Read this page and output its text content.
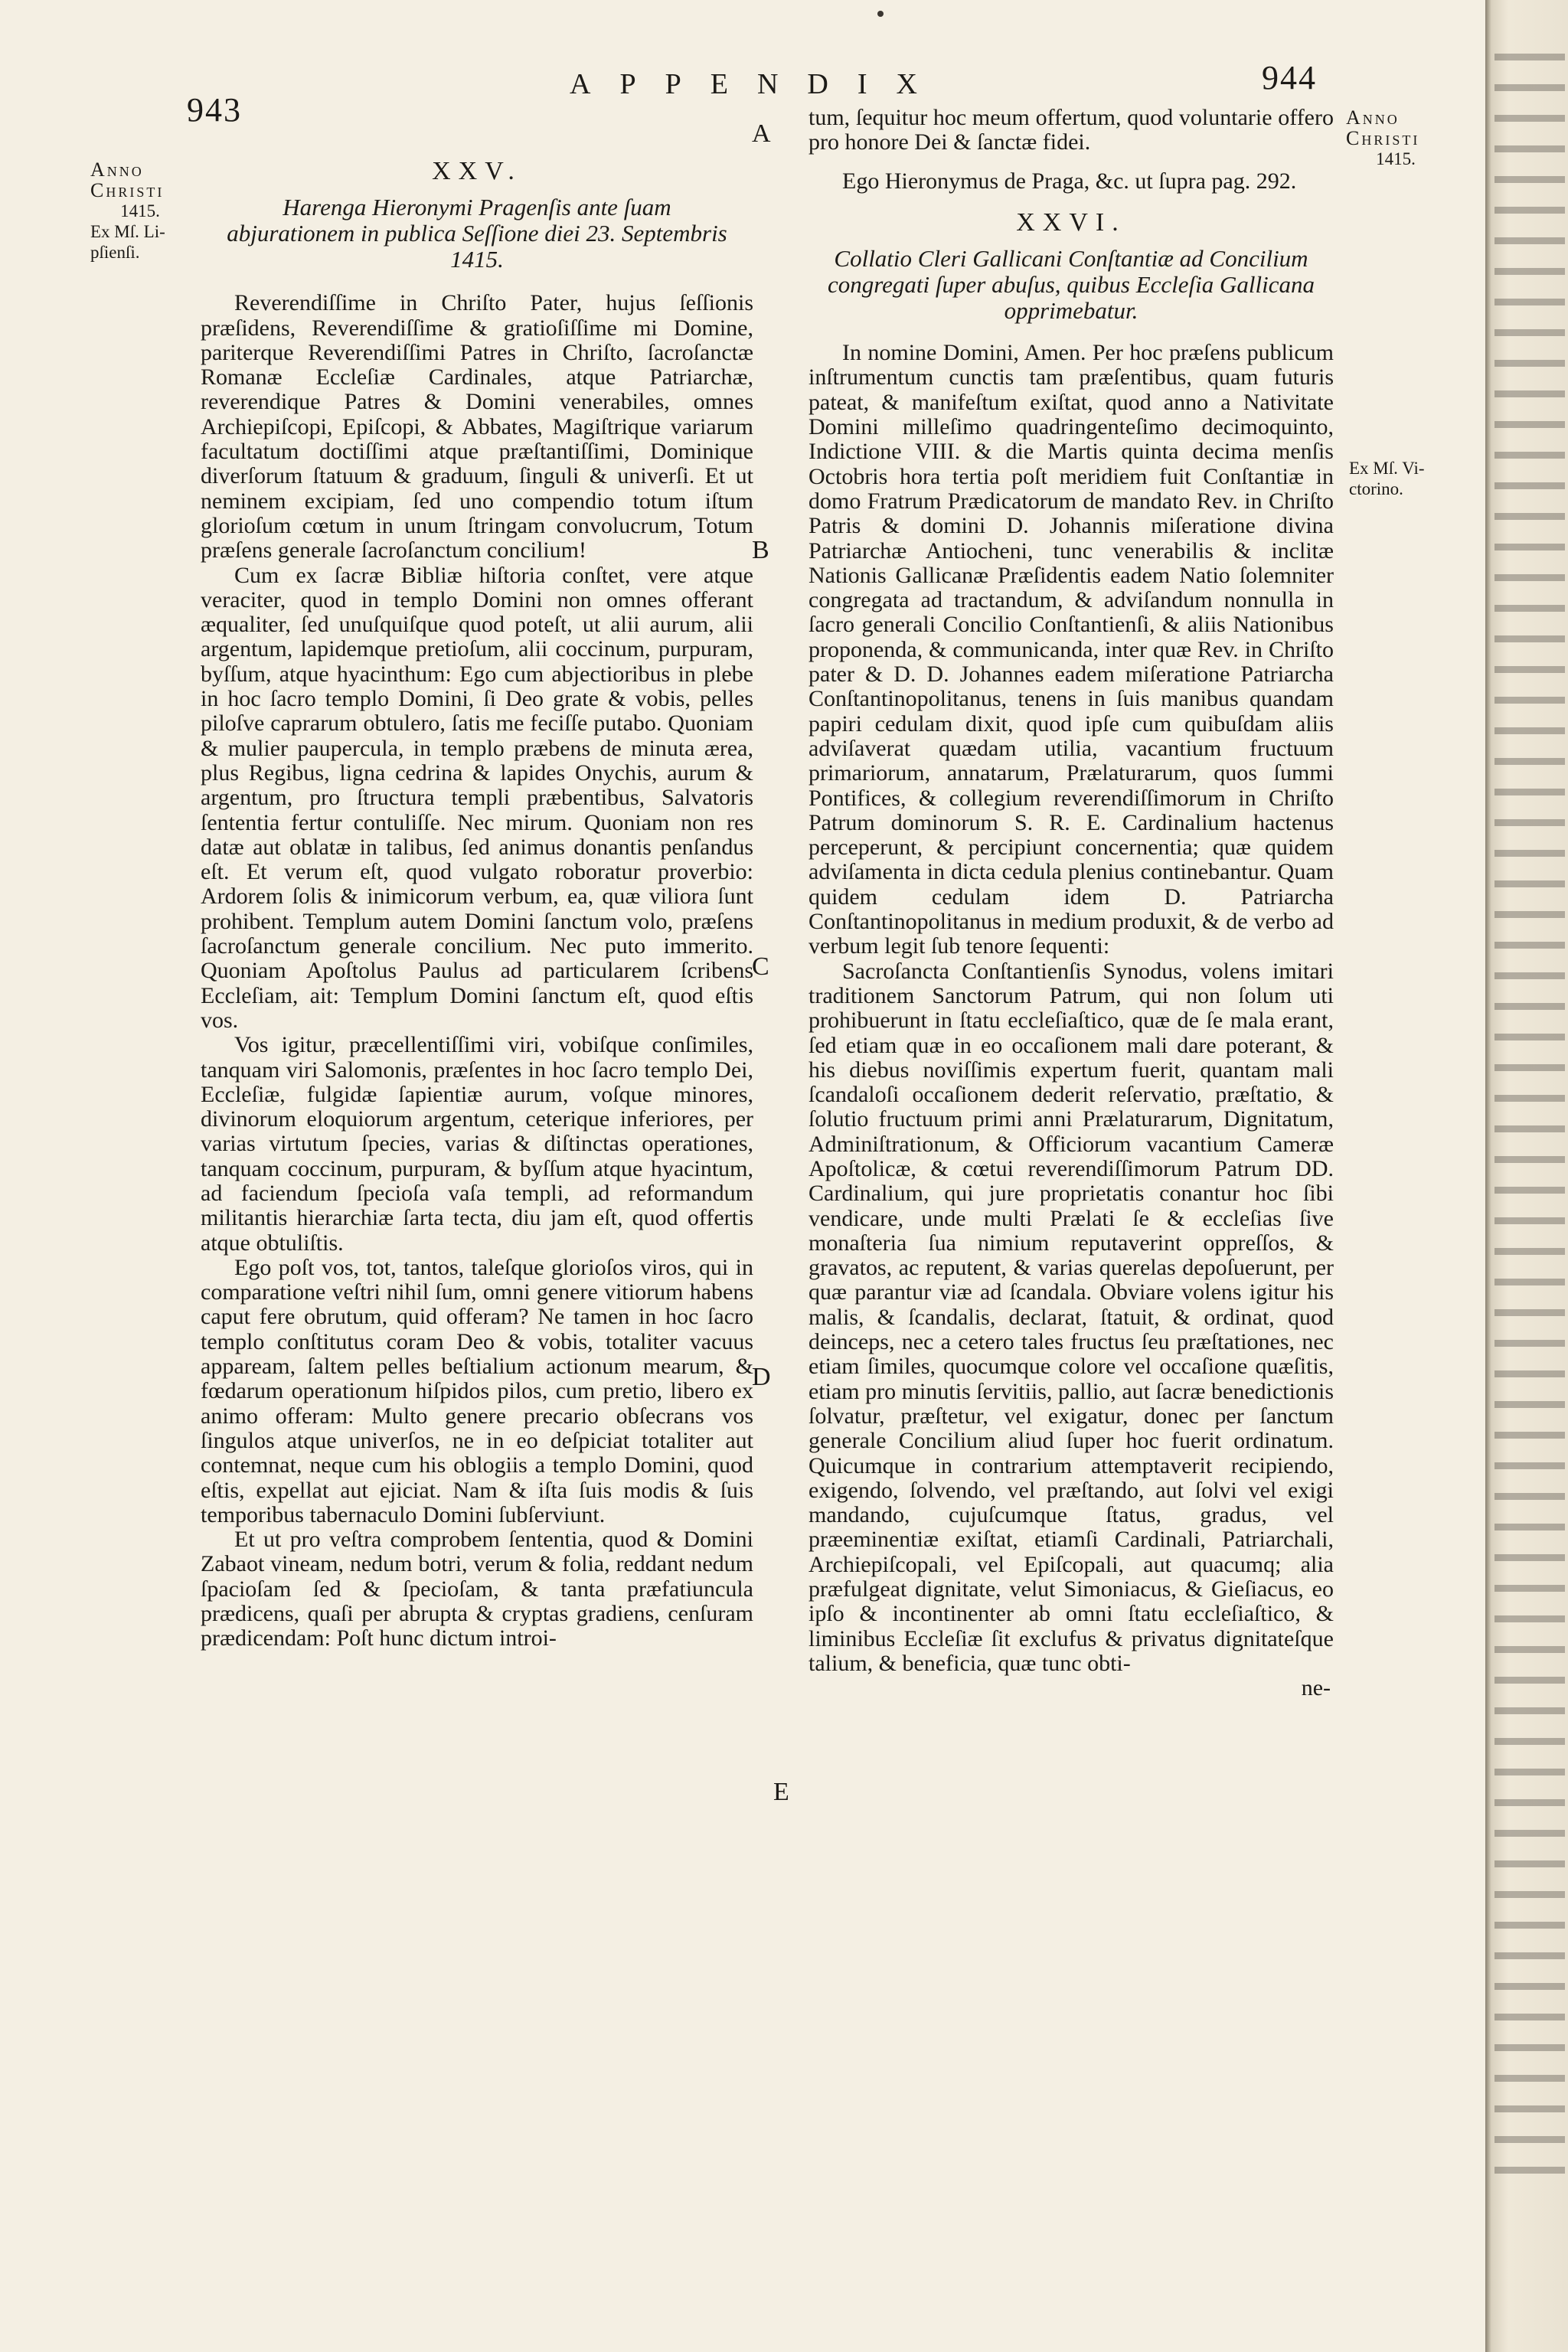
943
APPENDIX	944
Anno
Christi
1415.
Ex Mſ. Li-pſienſi.
Anno
Christi
1415.
Ex Mſ. Vi-ctorino.
A
B
C
D
E
XXV.
Harenga Hieronymi Pragenſis ante ſuam abjurationem in publica Seſſione diei 23. Septembris 1415.

Reverendiſſime in Chriſto Pater, hujus ſeſſionis præſidens, Reverendiſſime & gratioſiſſime mi Domine, pariterque Reverendiſſimi Patres in Chriſto, ſacroſanctæ Romanæ Eccleſiæ Cardinales, atque Patriarchæ, reverendique Patres & Domini venerabiles, omnes Archiepiſcopi, Epiſcopi, & Abbates, Magiſtrique variarum facultatum doctiſſimi atque præſtantiſſimi, Dominique diverſorum ſtatuum & graduum, ſinguli & univerſi. Et ut neminem excipiam, ſed uno compendio totum iſtum glorioſum cœtum in unum ſtringam convolucrum, Totum præſens generale ſacroſanctum concilium!

Cum ex ſacræ Bibliæ hiſtoria conſtet, vere atque veraciter, quod in templo Domini non omnes offerant æqualiter, ſed unuſquiſque quod poteſt, ut alii aurum, alii argentum, lapidemque pretioſum, alii coccinum, purpuram, byſſum, atque hyacinthum: Ego cum abjectioribus in plebe in hoc ſacro templo Domini, ſi Deo grate & vobis, pelles piloſve caprarum obtulero, ſatis me feciſſe putabo. Quoniam & mulier paupercula, in templo præbens de minuta ærea, plus Regibus, ligna cedrina & lapides Onychis, aurum & argentum, pro ſtructura templi præbentibus, Salvatoris ſententia fertur contuliſſe. Nec mirum. Quoniam non res datæ aut oblatæ in talibus, ſed animus donantis penſandus eſt. Et verum eſt, quod vulgato roboratur proverbio: Ardorem ſolis & inimicorum verbum, ea, quæ viliora ſunt prohibent. Templum autem Domini ſanctum volo, præſens ſacroſanctum generale concilium. Nec puto immerito. Quoniam Apoſtolus Paulus ad particularem ſcribens Eccleſiam, ait: Templum Domini ſanctum eſt, quod eſtis vos.

Vos igitur, præcellentiſſimi viri, vobiſque conſimiles, tanquam viri Salomonis, præſentes in hoc ſacro templo Dei, Eccleſiæ, fulgidæ ſapientiæ aurum, voſque minores, divinorum eloquiorum argentum, ceterique inferiores, per varias virtutum ſpecies, varias & diſtinctas operationes, tanquam coccinum, purpuram, & byſſum atque hyacintum, ad faciendum ſpecioſa vaſa templi, ad reformandum militantis hierarchiæ ſarta tecta, diu jam eſt, quod offertis atque obtuliſtis.

Ego poſt vos, tot, tantos, taleſque glorioſos viros, qui in comparatione veſtri nihil ſum, omni genere vitiorum habens caput fere obrutum, quid offeram? Ne tamen in hoc ſacro templo conſtitutus coram Deo & vobis, totaliter vacuus appaream, ſaltem pelles beſtialium actionum mearum, & fœdarum operationum hiſpidos pilos, cum pretio, libero ex animo offeram: Multo genere precario obſecrans vos ſingulos atque univerſos, ne in eo deſpiciat totaliter aut contemnat, neque cum his oblogiis a templo Domini, quod eſtis, expellat aut ejiciat. Nam & iſta ſuis modis & ſuis temporibus tabernaculo Domini ſubſerviunt.

Et ut pro veſtra comprobem ſententia, quod & Domini Zabaot vineam, nedum botri, verum & folia, reddant nedum ſpacioſam ſed & ſpecioſam, & tanta præfatiuncula prædicens, quaſi per abrupta & cryptas gradiens, cenſuram prædicendam: Poſt hunc dictum introi-

tum, ſequitur hoc meum offertum, quod voluntarie offero pro honore Dei & ſanctæ fidei.

Ego Hieronymus de Praga, &c. ut ſupra pag. 292.

XXVI.
Collatio Cleri Gallicani Conſtantiæ ad Concilium congregati ſuper abuſus, quibus Eccleſia Gallicana opprimebatur.

In nomine Domini, Amen. Per hoc præſens publicum inſtrumentum cunctis tam præſentibus, quam futuris pateat, & manifeſtum exiſtat, quod anno a Nativitate Domini milleſimo quadringenteſimo decimoquinto, Indictione VIII. & die Martis quinta decima menſis Octobris hora tertia poſt meridiem fuit Conſtantiæ in domo Fratrum Prædicatorum de mandato Rev. in Chriſto Patris & domini D. Johannis miſeratione divina Patriarchæ Antiocheni, tunc venerabilis & inclitæ Nationis Gallicanæ Præſidentis eadem Natio ſolemniter congregata ad tractandum, & adviſandum nonnulla in ſacro generali Concilio Conſtantienſi, & aliis Nationibus proponenda, & communicanda, inter quæ Rev. in Chriſto pater & D. D. Johannes eadem miſeratione Patriarcha Conſtantinopolitanus, tenens in ſuis manibus quandam papiri cedulam dixit, quod ipſe cum quibuſdam aliis adviſaverat quædam utilia, vacantium fructuum primariorum, annatarum, Prælaturarum, quos ſummi Pontifices, & collegium reverendiſſimorum in Chriſto Patrum dominorum S. R. E. Cardinalium hactenus perceperunt, & percipiunt concernentia; quæ quidem adviſamenta in dicta cedula plenius continebantur. Quam quidem cedulam idem D. Patriarcha Conſtantinopolitanus in medium produxit, & de verbo ad verbum legit ſub tenore ſequenti:

Sacroſancta Conſtantienſis Synodus, volens imitari traditionem Sanctorum Patrum, qui non ſolum uti prohibuerunt in ſtatu eccleſiaſtico, quæ de ſe mala erant, ſed etiam quæ in eo occaſionem mali dare poterant, & his diebus noviſſimis expertum fuerit, quantam mali ſcandaloſi occaſionem dederit reſervatio, præſtatio, & ſolutio fructuum primi anni Prælaturarum, Dignitatum, Adminiſtrationum, & Officiorum vacantium Cameræ Apoſtolicæ, & cœtui reverendiſſimorum Patrum DD. Cardinalium, qui jure proprietatis conantur hoc ſibi vendicare, unde multi Prælati ſe & eccleſias ſive monaſteria ſua nimium reputaverint oppreſſos, & gravatos, ac reputent, & varias querelas depoſuerunt, per quæ parantur viæ ad ſcandala. Obviare volens igitur his malis, & ſcandalis, declarat, ſtatuit, & ordinat, quod deinceps, nec a cetero tales fructus ſeu præſtationes, nec etiam ſimiles, quocumque colore vel occaſione quæſitis, etiam pro minutis ſervitiis, pallio, aut ſacræ benedictionis ſolvatur, præſtetur, vel exigatur, donec per ſanctum generale Concilium aliud ſuper hoc fuerit ordinatum. Quicumque in contrarium attemptaverit recipiendo, exigendo, ſolvendo, vel præſtando, aut ſolvi vel exigi mandando, cujuſcumque ſtatus, gradus, vel præeminentiæ exiſtat, etiamſi Cardinali, Patriarchali, Archiepiſcopali, vel Epiſcopali, aut quacumq; alia præfulgeat dignitate, velut Simoniacus, & Gieſiacus, eo ipſo & incontinenter ab omni ſtatu eccleſiaſtico, & liminibus Eccleſiæ ſit exclufus & privatus dignitateſque talium, & beneficia, quæ tunc obti-

ne-
